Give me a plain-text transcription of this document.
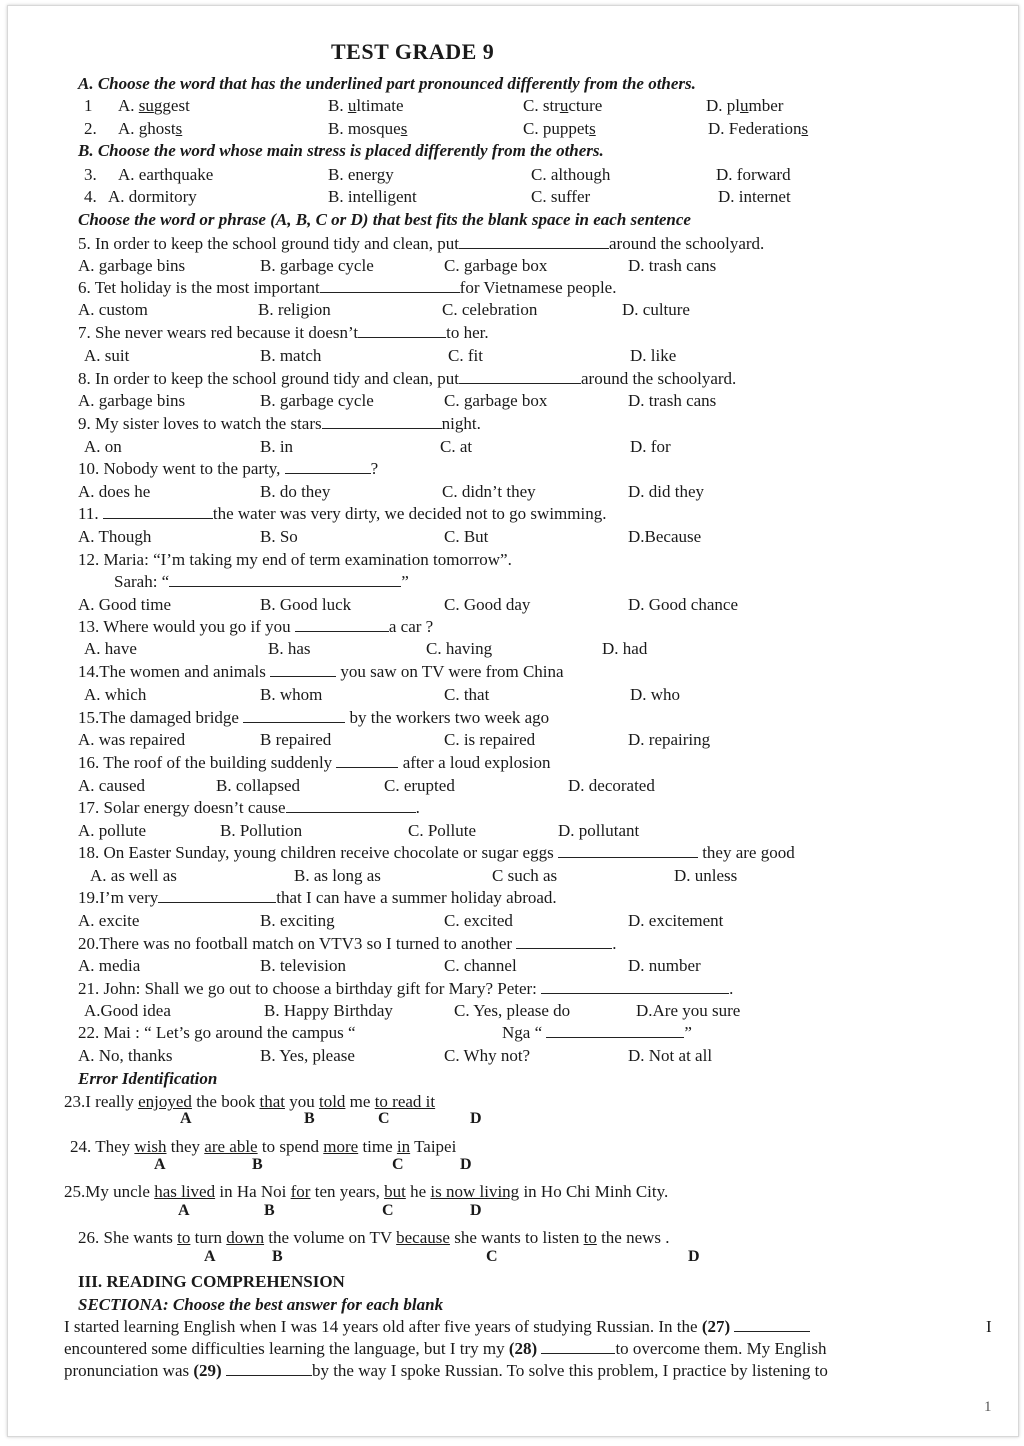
TEST GRADE 9
A. Choose the word that has the underlined part pronounced differently from the others.
1 A. suggest	B. ultimate	C. structure	D. plumber
2. A. ghosts	B. mosques	C. puppets	D. Federations
B. Choose the word whose main stress is placed differently from the others.
3. A. earthquake	B. energy	C. although	D. forward
4. A. dormitory	B. intelligent	C. suffer	D. internet
Choose the word or phrase (A, B, C or D) that best fits the blank space in each sentence
5. In order to keep the school ground tidy and clean, put	around the schoolyard.
A. garbage bins	B. garbage cycle	C. garbage box	D. trash cans
6. Tet holiday is the most important	for Vietnamese people.
A. custom	B. religion	C. celebration	D. culture
7. She never wears red because it doesn’t	to her.
A. suit	B. match	C. fit	D. like
8. In order to keep the school ground tidy and clean, put	around the schoolyard.
A. garbage bins	B. garbage cycle	C. garbage box	D. trash cans
9. My sister loves to watch the stars	night.
A. on	B. in	C. at	D. for
10. Nobody went to the party,	?
A. does he	B. do they	C. didn’t they	D. did they
11.	the water was very dirty, we decided not to go swimming.
A. Though	B. So	C. But	D.Because
12. Maria: “I’m taking my end of term examination tomorrow”.
Sarah: “	”
A. Good time	B. Good luck	C. Good day	D. Good chance
13. Where would you go if you	a car ?
A. have	B. has	C. having	D. had
14.The women and animals	you saw on TV were from China
A. which	B. whom	C. that	D. who
15.The damaged bridge	by the workers two week ago
A. was repaired	B repaired	C. is repaired	D. repairing
16. The roof of the building suddenly	after a loud explosion
A. caused	B. collapsed	C. erupted	D. decorated
17. Solar energy doesn’t cause	.
A. pollute	B. Pollution	C. Pollute	D. pollutant
18. On Easter Sunday, young children receive chocolate or sugar eggs	they are good
A. as well as	B. as long as	C such as	D. unless
19.I’m very	that I can have a summer holiday abroad.
A. excite	B. exciting	C. excited	D. excitement
20.There was no football match on VTV3 so I turned to another	.
A. media	B. television	C. channel	D. number
21. John: Shall we go out to choose a birthday gift for Mary? Peter:	.
A.Good idea	B. Happy Birthday	C. Yes, please do	D.Are you sure
22. Mai : “ Let’s go around the campus “	Nga “	”
A. No, thanks	B. Yes, please	C. Why not?	D. Not at all
Error Identification
23.I really enjoyed the book that you told me to read it
A	B	C	D
24. They wish they are able to spend more time in Taipei
A	B	C	D
25.My uncle has lived in Ha Noi for ten years, but he is now living in Ho Chi Minh City.
A	B	C	D
26. She wants to turn down the volume on TV because she wants to listen to the news .
A	B	C	D
III. READING COMPREHENSION
SECTIONA: Choose the best answer for each blank
I started learning English when I was 14 years old after five years of studying Russian. In the (27)	I
encountered some difficulties learning the language, but I try my (28)	to overcome them. My English
pronunciation was (29)	by the way I spoke Russian. To solve this problem, I practice by listening to
1
